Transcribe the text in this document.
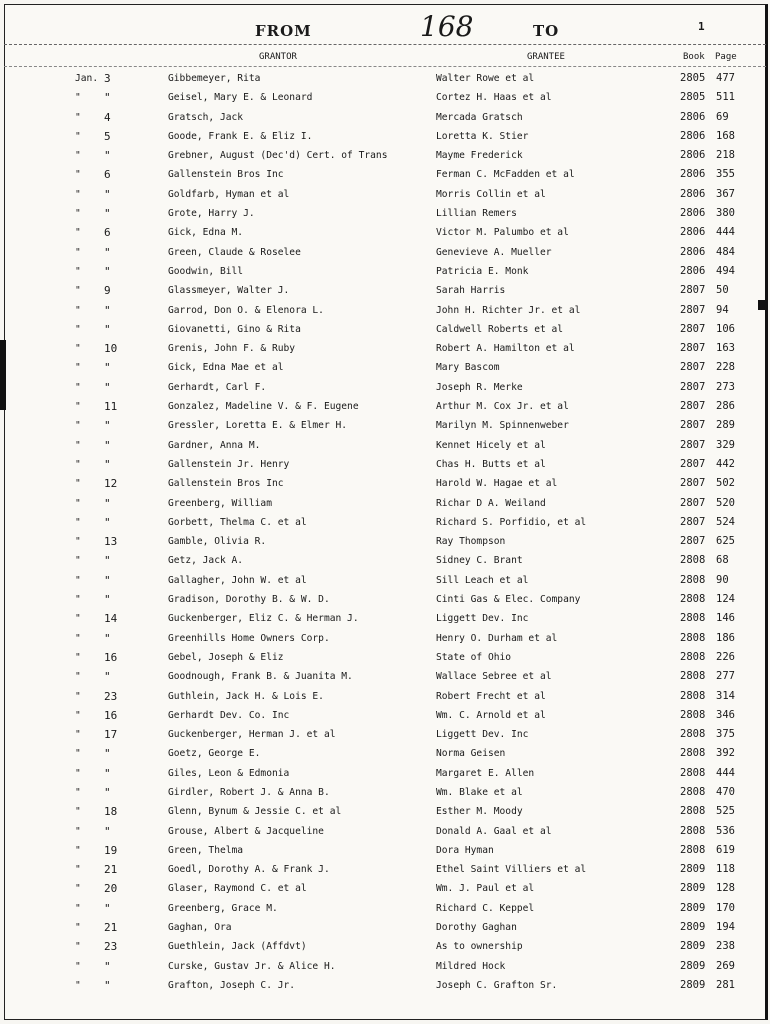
FROM	168	TO	1
GRANTOR	GRANTEE	Book Page
Jan. 3	Gibbemeyer, Rita	Walter Rowe et al	2805 477
" "	Geisel, Mary E. & Leonard	Cortez H. Haas et al	2805 511
" 4	Gratsch, Jack	Mercada Gratsch	2806 69
" 5	Goode, Frank E. & Eliz I.	Loretta K. Stier	2806 168
" "	Grebner, August (Dec'd) Cert. of Trans	Mayme Frederick	2806 218
" 6	Gallenstein Bros Inc	Ferman C. McFadden et al	2806 355
" "	Goldfarb, Hyman et al	Morris Collin et al	2806 367
" "	Grote, Harry J.	Lillian Remers	2806 380
" 6	Gick, Edna M.	Victor M. Palumbo et al	2806 444
" "	Green, Claude & Roselee	Genevieve A. Mueller	2806 484
" "	Goodwin, Bill	Patricia E. Monk	2806 494
" 9	Glassmeyer, Walter J.	Sarah Harris	2807 50
" "	Garrod, Don O. & Elenora L.	John H. Richter Jr. et al	2807 94
" "	Giovanetti, Gino & Rita	Caldwell Roberts et al	2807 106
" 10	Grenis, John F. & Ruby	Robert A. Hamilton et al	2807 163
" "	Gick, Edna Mae et al	Mary Bascom	2807 228
" "	Gerhardt, Carl F.	Joseph R. Merke	2807 273
" 11	Gonzalez, Madeline V. & F. Eugene	Arthur M. Cox Jr. et al	2807 286
" "	Gressler, Loretta E. & Elmer H.	Marilyn M. Spinnenweber	2807 289
" "	Gardner, Anna M.	Kennet Hicely et al	2807 329
" "	Gallenstein Jr. Henry	Chas H. Butts et al	2807 442
" 12	Gallenstein Bros Inc	Harold W. Hagae et al	2807 502
" "	Greenberg, William	Richar D A. Weiland	2807 520
" "	Gorbett, Thelma C. et al	Richard S. Porfidio, et al	2807 524
" 13	Gamble, Olivia R.	Ray Thompson	2807 625
" "	Getz, Jack A.	Sidney C. Brant	2808 68
" "	Gallagher, John W. et al	Sill Leach et al	2808 90
" "	Gradison, Dorothy B. & W. D.	Cinti Gas & Elec. Company	2808 124
" 14	Guckenberger, Eliz C. & Herman J.	Liggett Dev. Inc	2808 146
" "	Greenhills Home Owners Corp.	Henry O. Durham et al	2808 186
" 16	Gebel, Joseph & Eliz	State of Ohio	2808 226
" "	Goodnough, Frank B. & Juanita M.	Wallace Sebree et al	2808 277
" 23	Guthlein, Jack H. & Lois E.	Robert Frecht et al	2808 314
" 16	Gerhardt Dev. Co. Inc	Wm. C. Arnold et al	2808 346
" 17	Guckenberger, Herman J. et al	Liggett Dev. Inc	2808 375
" "	Goetz, George E.	Norma Geisen	2808 392
" "	Giles, Leon & Edmonia	Margaret E. Allen	2808 444
" "	Girdler, Robert J. & Anna B.	Wm. Blake et al	2808 470
" 18	Glenn, Bynum & Jessie C. et al	Esther M. Moody	2808 525
" "	Grouse, Albert & Jacqueline	Donald A. Gaal et al	2808 536
" 19	Green, Thelma	Dora Hyman	2808 619
" 21	Goedl, Dorothy A. & Frank J.	Ethel Saint Villiers et al	2809 118
" 20	Glaser, Raymond C. et al	Wm. J. Paul et al	2809 128
" "	Greenberg, Grace M.	Richard C. Keppel	2809 170
" 21	Gaghan, Ora	Dorothy Gaghan	2809 194
" 23	Guethlein, Jack (Affdvt)	As to ownership	2809 238
" "	Curske, Gustav Jr. & Alice H.	Mildred Hock	2809 269
" "	Grafton, Joseph C. Jr.	Joseph C. Grafton Sr.	2809 281
